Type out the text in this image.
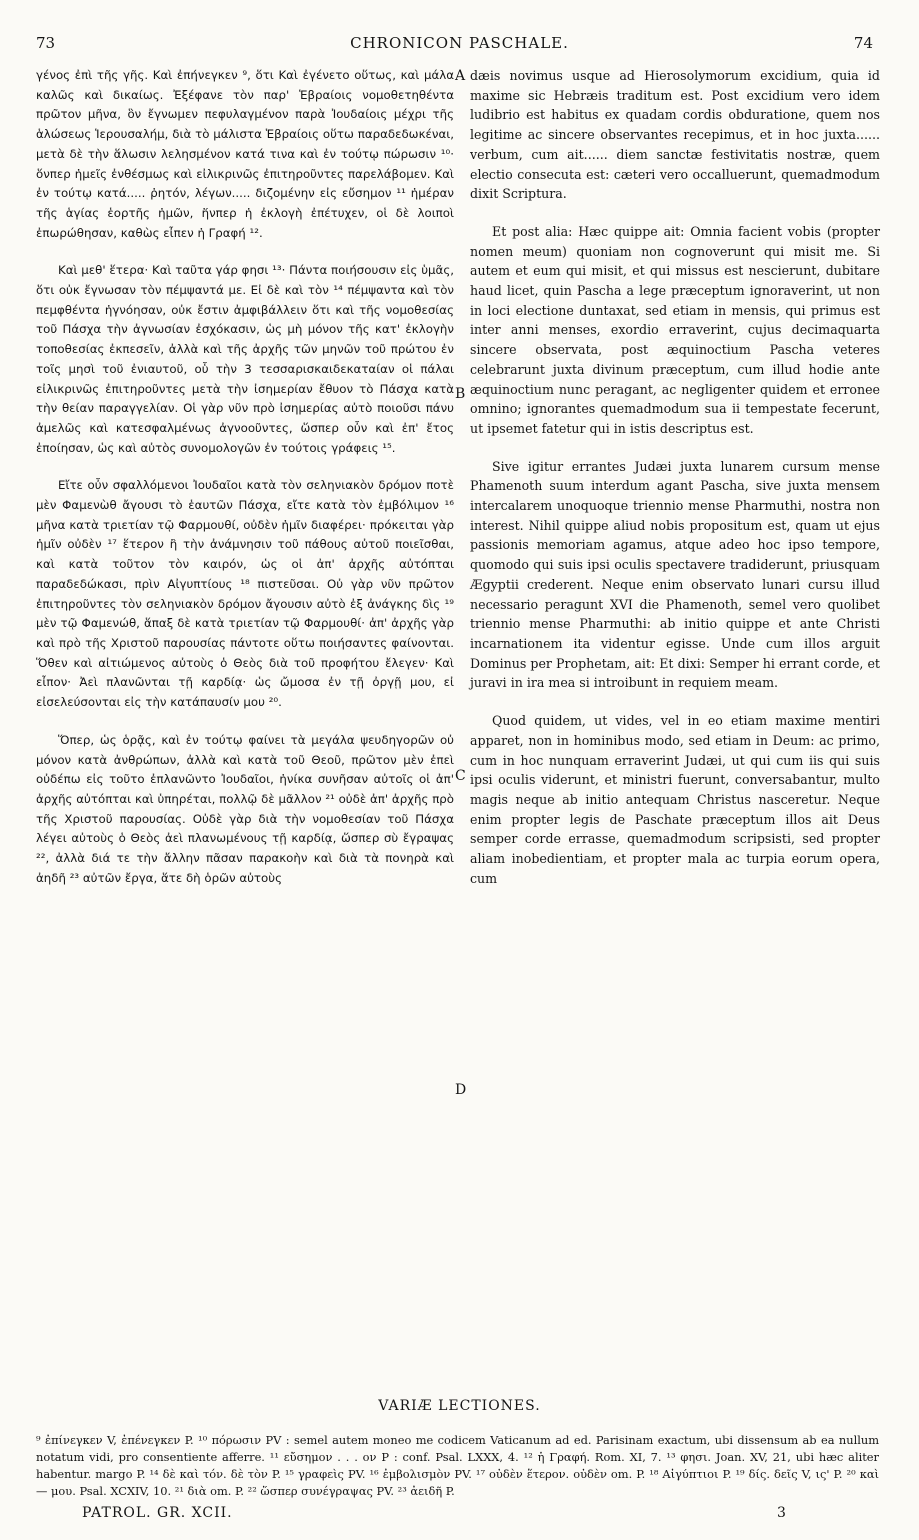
73	CHRONICON PASCHALE.	74

γένος ἐπὶ τῆς γῆς. Καὶ ἐπήνεγκεν ⁹, ὅτι Καὶ ἐγένετο οὕτως, καὶ μάλα καλῶς καὶ δικαίως. Ἐξέφανε τὸν παρ' Ἑβραίοις νομοθετηθέντα πρῶτον μῆνα, ὃν ἔγνωμεν πεφυλαγμένον παρὰ Ἰουδαίοις μέχρι τῆς ἁλώσεως Ἱερουσαλήμ, διὰ τὸ μάλιστα Ἑβραίοις οὕτω παραδεδωκέναι, μετὰ δὲ τὴν ἅλωσιν λελησμένον κατά τινα καὶ ἐν τούτῳ πώρωσιν ¹⁰· ὅνπερ ἡμεῖς ἐνθέσμως καὶ εἰλικρινῶς ἐπιτηροῦντες παρελάβομεν. Καὶ ἐν τούτῳ κατά..... ῥητόν, λέγων..... διζομένην εἰς εὔσημον ¹¹ ἡμέραν τῆς ἁγίας ἑορτῆς ἡμῶν, ἥνπερ ἡ ἐκλογὴ ἐπέτυχεν, οἱ δὲ λοιποὶ ἐπωρώθησαν, καθὼς εἶπεν ἡ Γραφή ¹².

Καὶ μεθ' ἕτερα· Καὶ ταῦτα γάρ φησι ¹³· Πάντα ποιήσουσιν εἰς ὑμᾶς, ὅτι οὐκ ἔγνωσαν τὸν πέμψαντά με. Εἰ δὲ καὶ τὸν ¹⁴ πέμψαντα καὶ τὸν πεμφθέντα ἠγνόησαν, οὐκ ἔστιν ἀμφιβάλλειν ὅτι καὶ τῆς νομοθεσίας τοῦ Πάσχα τὴν ἀγνωσίαν ἐσχόκασιν, ὡς μὴ μόνον τῆς κατ' ἐκλογὴν τοποθεσίας ἐκπεσεῖν, ἀλλὰ καὶ τῆς ἀρχῆς τῶν μηνῶν τοῦ πρώτου ἐν τοῖς μησὶ τοῦ ἐνιαυτοῦ, οὗ τὴν 3 τεσσαρισκαιδεκαταίαν οἱ πάλαι εἰλικρινῶς ἐπιτηροῦντες μετὰ τὴν ἰσημερίαν ἔθυον τὸ Πάσχα κατὰ τὴν θείαν παραγγελίαν. Οἱ γὰρ νῦν πρὸ ἰσημερίας αὐτὸ ποιοῦσι πάνυ ἀμελῶς καὶ κατεσφαλμένως ἀγνοοῦντες, ὥσπερ οὖν καὶ ἐπ' ἔτος ἐποίησαν, ὡς καὶ αὐτὸς συνομολογῶν ἐν τούτοις γράφεις ¹⁵.

Εἴτε οὖν σφαλλόμενοι Ἰουδαῖοι κατὰ τὸν σεληνιακὸν δρόμον ποτὲ μὲν Φαμενὼθ ἄγουσι τὸ ἑαυτῶν Πάσχα, εἴτε κατὰ τὸν ἐμβόλιμον ¹⁶ μῆνα κατὰ τριετίαν τῷ Φαρμουθί, οὐδὲν ἡμῖν διαφέρει· πρόκειται γὰρ ἡμῖν οὐδὲν ¹⁷ ἕτερον ἢ τὴν ἀνάμνησιν τοῦ πάθους αὐτοῦ ποιεῖσθαι, καὶ κατὰ τοῦτον τὸν καιρόν, ὡς οἱ ἀπ' ἀρχῆς αὐτόπται παραδεδώκασι, πρὶν Αἰγυπτίους ¹⁸ πιστεῦσαι. Οὐ γὰρ νῦν πρῶτον ἐπιτηροῦντες τὸν σεληνιακὸν δρόμον ἄγουσιν αὐτὸ ἐξ ἀνάγκης δὶς ¹⁹ μὲν τῷ Φαμενώθ, ἅπαξ δὲ κατὰ τριετίαν τῷ Φαρμουθί· ἀπ' ἀρχῆς γὰρ καὶ πρὸ τῆς Χριστοῦ παρουσίας πάντοτε οὕτω ποιήσαντες φαίνονται. Ὅθεν καὶ αἰτιώμενος αὐτοὺς ὁ Θεὸς διὰ τοῦ προφήτου ἔλεγεν· Καὶ εἶπον· Ἀεὶ πλανῶνται τῇ καρδίᾳ· ὡς ὤμοσα ἐν τῇ ὀργῇ μου, εἰ εἰσελεύσονται εἰς τὴν κατάπαυσίν μου ²⁰.

Ὅπερ, ὡς ὁρᾷς, καὶ ἐν τούτῳ φαίνει τὰ μεγάλα ψευδηγορῶν οὐ μόνον κατὰ ἀνθρώπων, ἀλλὰ καὶ κατὰ τοῦ Θεοῦ, πρῶτον μὲν ἐπεὶ οὐδέπω εἰς τοῦτο ἐπλανῶντο Ἰουδαῖοι, ἡνίκα συνῆσαν αὐτοῖς οἱ ἀπ' ἀρχῆς αὐτόπται καὶ ὑπηρέται, πολλῷ δὲ μᾶλλον ²¹ οὐδὲ ἀπ' ἀρχῆς πρὸ τῆς Χριστοῦ παρουσίας. Οὐδὲ γὰρ διὰ τὴν νομοθεσίαν τοῦ Πάσχα λέγει αὐτοὺς ὁ Θεὸς ἀεὶ πλανωμένους τῇ καρδίᾳ, ὥσπερ σὺ ἔγραψας ²², ἀλλὰ διά τε τὴν ἄλλην πᾶσαν παρακοὴν καὶ διὰ τὰ πονηρὰ καὶ ἀηδῆ ²³ αὐτῶν ἔργα, ἅτε δὴ ὁρῶν αὐτοὺς

A
B
C
D

dæis novimus usque ad Hierosolymorum excidium, quia id maxime sic Hebræis traditum est. Post excidium vero idem ludibrio est habitus ex quadam cordis obduratione, quem nos legitime ac sincere observantes recepimus, et in hoc juxta...... verbum, cum ait...... diem sanctæ festivitatis nostræ, quem electio consecuta est: cæteri vero occalluerunt, quemadmodum dixit Scriptura.

Et post alia: Hæc quippe ait: Omnia facient vobis (propter nomen meum) quoniam non cognoverunt qui misit me. Si autem et eum qui misit, et qui missus est nescierunt, dubitare haud licet, quin Pascha a lege præceptum ignoraverint, ut non in loci electione duntaxat, sed etiam in mensis, qui primus est inter anni menses, exordio erraverint, cujus decimaquarta sincere observata, post æquinoctium Pascha veteres celebrarunt juxta divinum præceptum, cum illud hodie ante æquinoctium nunc peragant, ac negligenter quidem et erronee omnino; ignorantes quemadmodum sua ii tempestate fecerunt, ut ipsemet fatetur qui in istis descriptus est.

Sive igitur errantes Judæi juxta lunarem cursum mense Phamenoth suum interdum agant Pascha, sive juxta mensem intercalarem unoquoque triennio mense Pharmuthi, nostra non interest. Nihil quippe aliud nobis propositum est, quam ut ejus passionis memoriam agamus, atque adeo hoc ipso tempore, quomodo qui suis ipsi oculis spectavere tradiderunt, priusquam Ægyptii crederent. Neque enim observato lunari cursu illud necessario peragunt XVI die Phamenoth, semel vero quolibet triennio mense Pharmuthi: ab initio quippe et ante Christi incarnationem ita videntur egisse. Unde cum illos arguit Dominus per Prophetam, ait: Et dixi: Semper hi errant corde, et juravi in ira mea si introibunt in requiem meam.

Quod quidem, ut vides, vel in eo etiam maxime mentiri apparet, non in hominibus modo, sed etiam in Deum: ac primo, cum in hoc nunquam erraverint Judæi, ut qui cum iis qui suis ipsi oculis viderunt, et ministri fuerunt, conversabantur, multo magis neque ab initio antequam Christus nasceretur. Neque enim propter legis de Paschate præceptum illos ait Deus semper corde errasse, quemadmodum scripsisti, sed propter aliam inobedientiam, et propter mala ac turpia eorum opera, cum

VARIÆ LECTIONES.
⁹ ἐπίνεγκεν V, ἐπένεγκεν P. ¹⁰ πόρωσιν PV : semel autem moneo me codicem Vaticanum ad ed. Parisinam exactum, ubi dissensum ab ea nullum notatum vidi, pro consentiente afferre. ¹¹ εὔσημον . . . ον P : conf. Psal. LXXX, 4. ¹² ἡ Γραφή. Rom. XI, 7. ¹³ φησι. Joan. XV, 21, ubi hæc aliter habentur. margo P. ¹⁴ δὲ καὶ τόν. δὲ τὸν P. ¹⁵ γραφεὶς PV. ¹⁶ ἐμβολισμὸν PV. ¹⁷ οὐδὲν ἕτερον. οὐδὲν om. P. ¹⁸ Αἰγύπτιοι P. ¹⁹ δίς. δεῖς V, ις' P. ²⁰ καὶ — μου. Psal. XCXIV, 10. ²¹ διὰ om. P. ²² ὥσπερ συνέγραψας PV. ²³ ἀειδῆ P.
PATROL. GR. XCII.	3
